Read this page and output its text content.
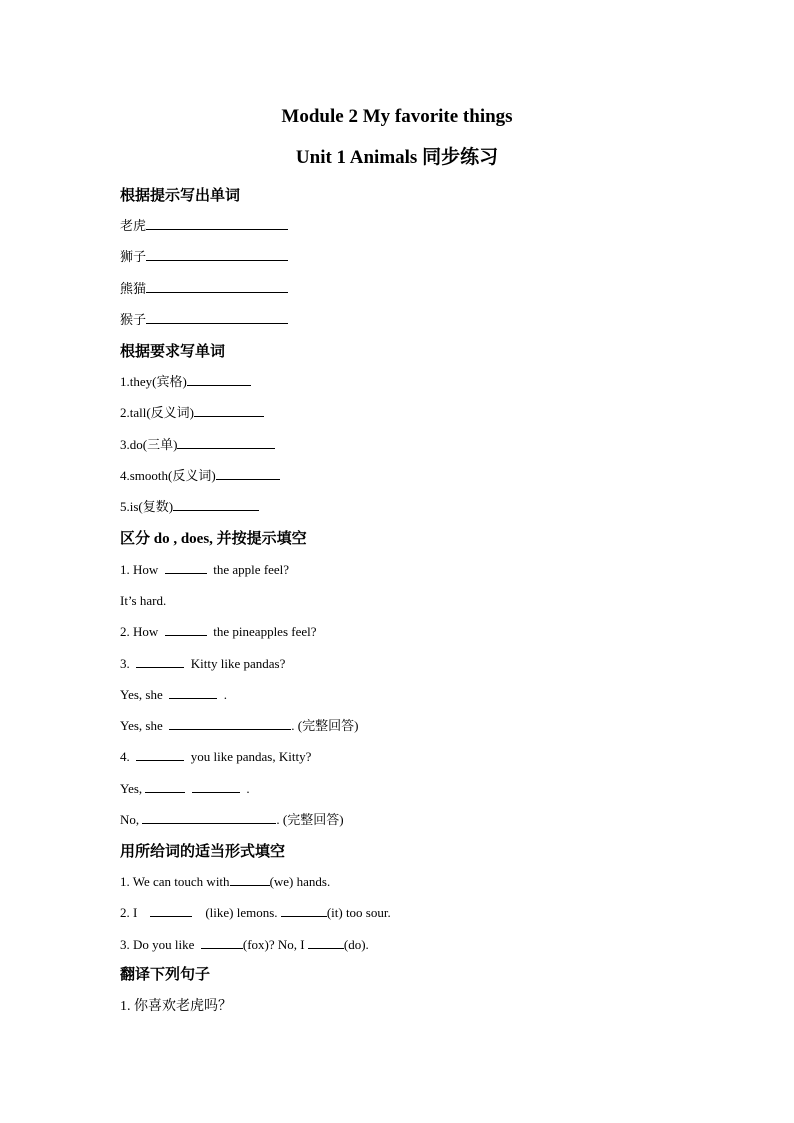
Module 2 My favorite things
Unit 1 Animals 同步练习
根据提示写出单词
老虎
狮子
熊猫
猴子
根据要求写单词
1.they(宾格)
2.tall(反义词)
3.do(三单)
4.smooth(反义词)
5.is(复数)
区分 do , does, 并按提示填空
1. How	the apple feel?
It’s hard.
2. How	the pineapples feel?
3.	Kitty like pandas?
Yes, she	.
Yes, she	. (完整回答)
4.	you like pandas, Kitty?
Yes,	.
No,	. (完整回答)
用所给词的适当形式填空
1. We can touch with	(we) hands.
2. I	(like) lemons.	(it) too sour.
3. Do you like	(fox)? No, I	(do).
翻译下列句子
1. 你喜欢老虎吗？
